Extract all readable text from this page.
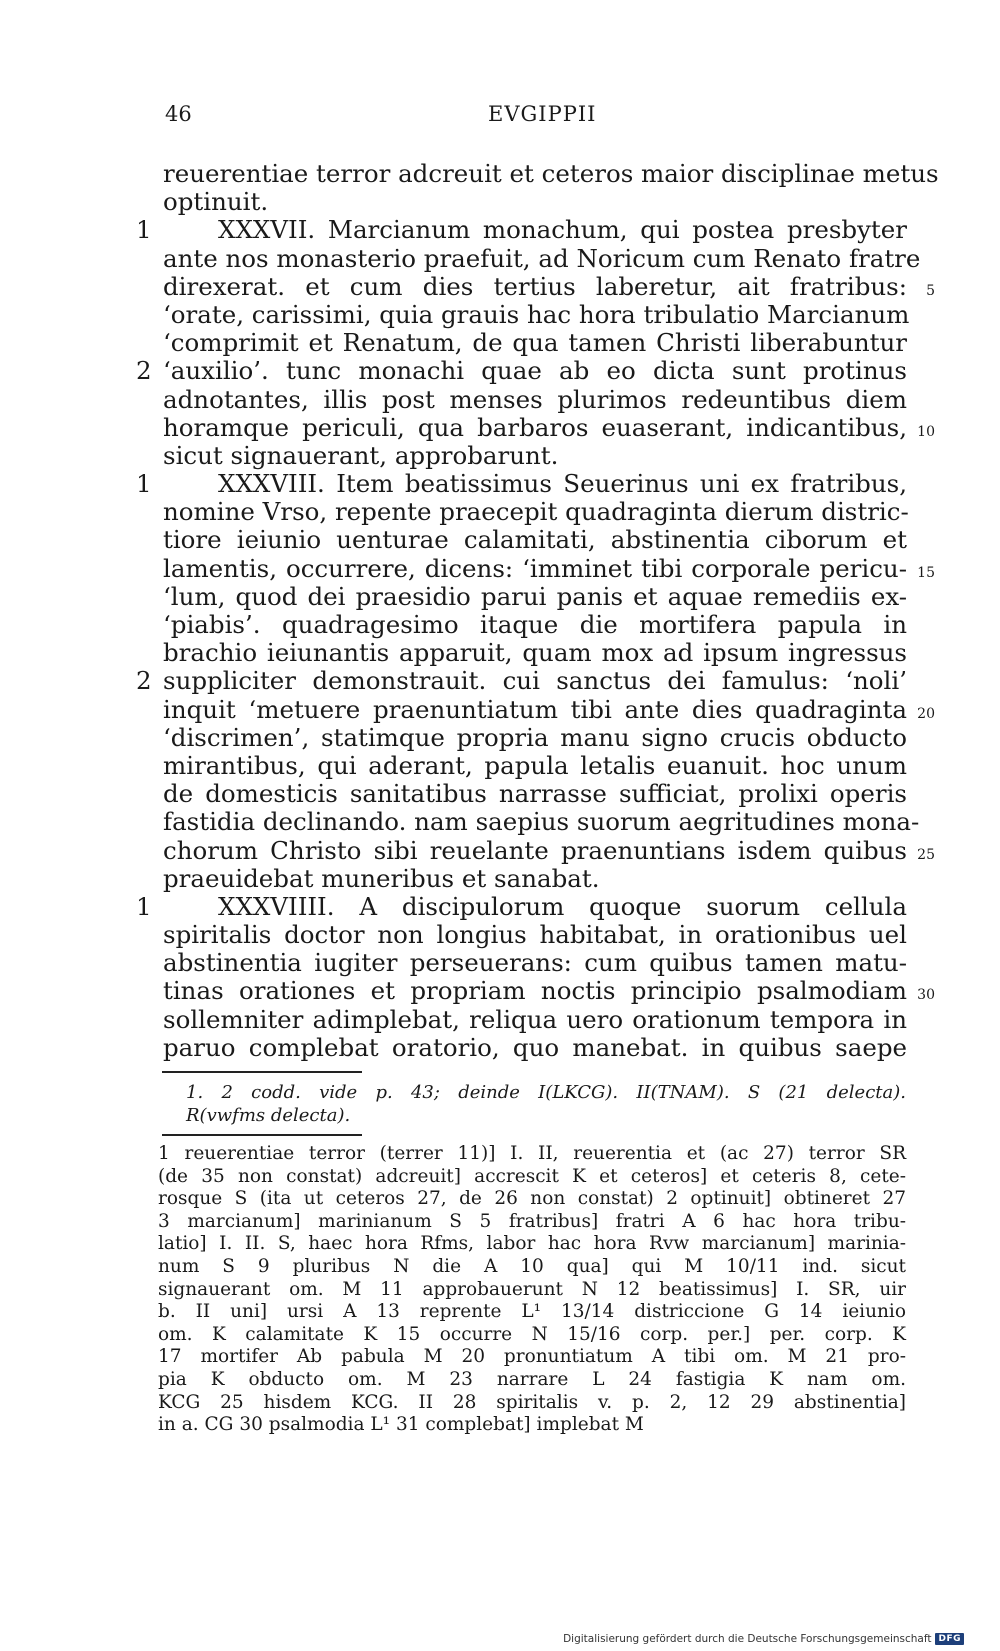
46	EVGIPPII
reuerentiae terror adcreuit et ceteros maior disciplinae metus
optinuit.
1	XXXVII. Marcianum monachum, qui postea presbyter
ante nos monasterio praefuit, ad Noricum cum Renato fratre
direxerat. et cum dies tertius laberetur, ait fratribus: 5
‘orate, carissimi, quia grauis hac hora tribulatio Marcianum
‘comprimit et Renatum, de qua tamen Christi liberabuntur
2 ‘auxilio’. tunc monachi quae ab eo dicta sunt protinus
adnotantes, illis post menses plurimos redeuntibus diem
horamque periculi, qua barbaros euaserant, indicantibus, 10
sicut signauerant, approbarunt.
1	XXXVIII. Item beatissimus Seuerinus uni ex fratribus,
nomine Vrso, repente praecepit quadraginta dierum distric-
tiore ieiunio uenturae calamitati, abstinentia ciborum et
lamentis, occurrere, dicens: ‘imminet tibi corporale pericu- 15
‘lum, quod dei praesidio parui panis et aquae remediis ex-
‘piabis’. quadragesimo itaque die mortifera papula in
brachio ieiunantis apparuit, quam mox ad ipsum ingressus
2 suppliciter demonstrauit. cui sanctus dei famulus: ‘noli’
inquit ‘metuere praenuntiatum tibi ante dies quadraginta 20
‘discrimen’, statimque propria manu signo crucis obducto
mirantibus, qui aderant, papula letalis euanuit. hoc unum
de domesticis sanitatibus narrasse sufficiat, prolixi operis
fastidia declinando. nam saepius suorum aegritudines mona-
chorum Christo sibi reuelante praenuntians isdem quibus 25
praeuidebat muneribus et sanabat.
1	XXXVIIII. A discipulorum quoque suorum cellula
spiritalis doctor non longius habitabat, in orationibus uel
abstinentia iugiter perseuerans: cum quibus tamen matu-
tinas orationes et propriam noctis principio psalmodiam 30
sollemniter adimplebat, reliqua uero orationum tempora in
paruo complebat oratorio, quo manebat. in quibus saepe
1. 2 codd. vide p. 43; deinde I(LKCG). II(TNAM). S (21 delecta).
R(vwfms delecta).
1 reuerentiae terror (terrer 11)] I. II, reuerentia et (ac 27) terror SR
(de 35 non constat) adcreuit] accrescit K et ceteros] et ceteris 8, cete-
rosque S (ita ut ceteros 27, de 26 non constat) 2 optinuit] obtineret 27
3 marcianum] marinianum S 5 fratribus] fratri A 6 hac hora tribu-
latio] I. II. S, haec hora Rfms, labor hac hora Rvw marcianum] marinia-
num S 9 pluribus N die A 10 qua] qui M 10/11 ind. sicut
signauerant om. M 11 approbauerunt N 12 beatissimus] I. SR, uir
b. II uni] ursi A 13 reprente L¹ 13/14 districcione G 14 ieiunio
om. K calamitate K 15 occurre N 15/16 corp. per.] per. corp. K
17 mortifer Ab pabula M 20 pronuntiatum A tibi om. M 21 pro-
pia K obducto om. M 23 narrare L 24 fastigia K nam om.
KCG 25 hisdem KCG. II 28 spiritalis v. p. 2, 12 29 abstinentia]
in a. CG 30 psalmodia L¹ 31 complebat] implebat M
Digitalisierung gefördert durch die Deutsche Forschungsgemeinschaft DFG
